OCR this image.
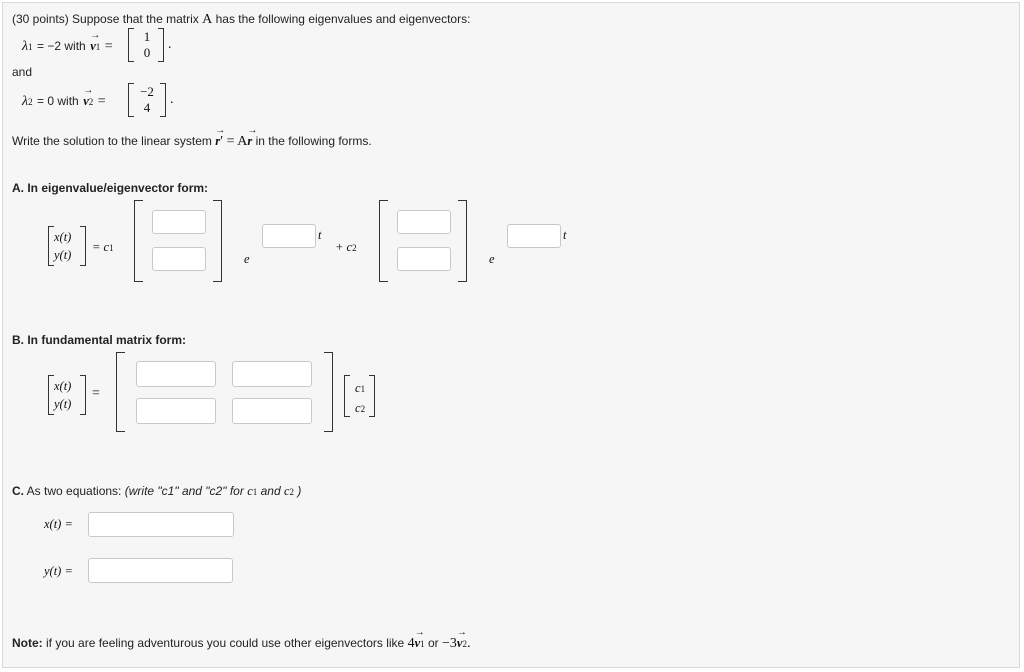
(30 points) Suppose that the matrix A has the following eigenvalues and eigenvectors:
λ1 = −2 with
→
v1 =
1
0
.
and
λ2 = 0 with
→
v2 =
−2
4
.
Write the solution to the linear system
→
r′ = A
→
r in the following forms.
A. In eigenvalue/eigenvector form:
x(t)
y(t)
= c1
e
t
+ c2
e
t
B. In fundamental matrix form:
x(t)
y(t)
=	c1
c2
C. As two equations: (write "c1" and "c2" for c1 and c2 )
x(t) =
y(t) =
Note: if you are feeling adventurous you could use other eigenvectors like 4
→
v1 or −3
→
v2.
